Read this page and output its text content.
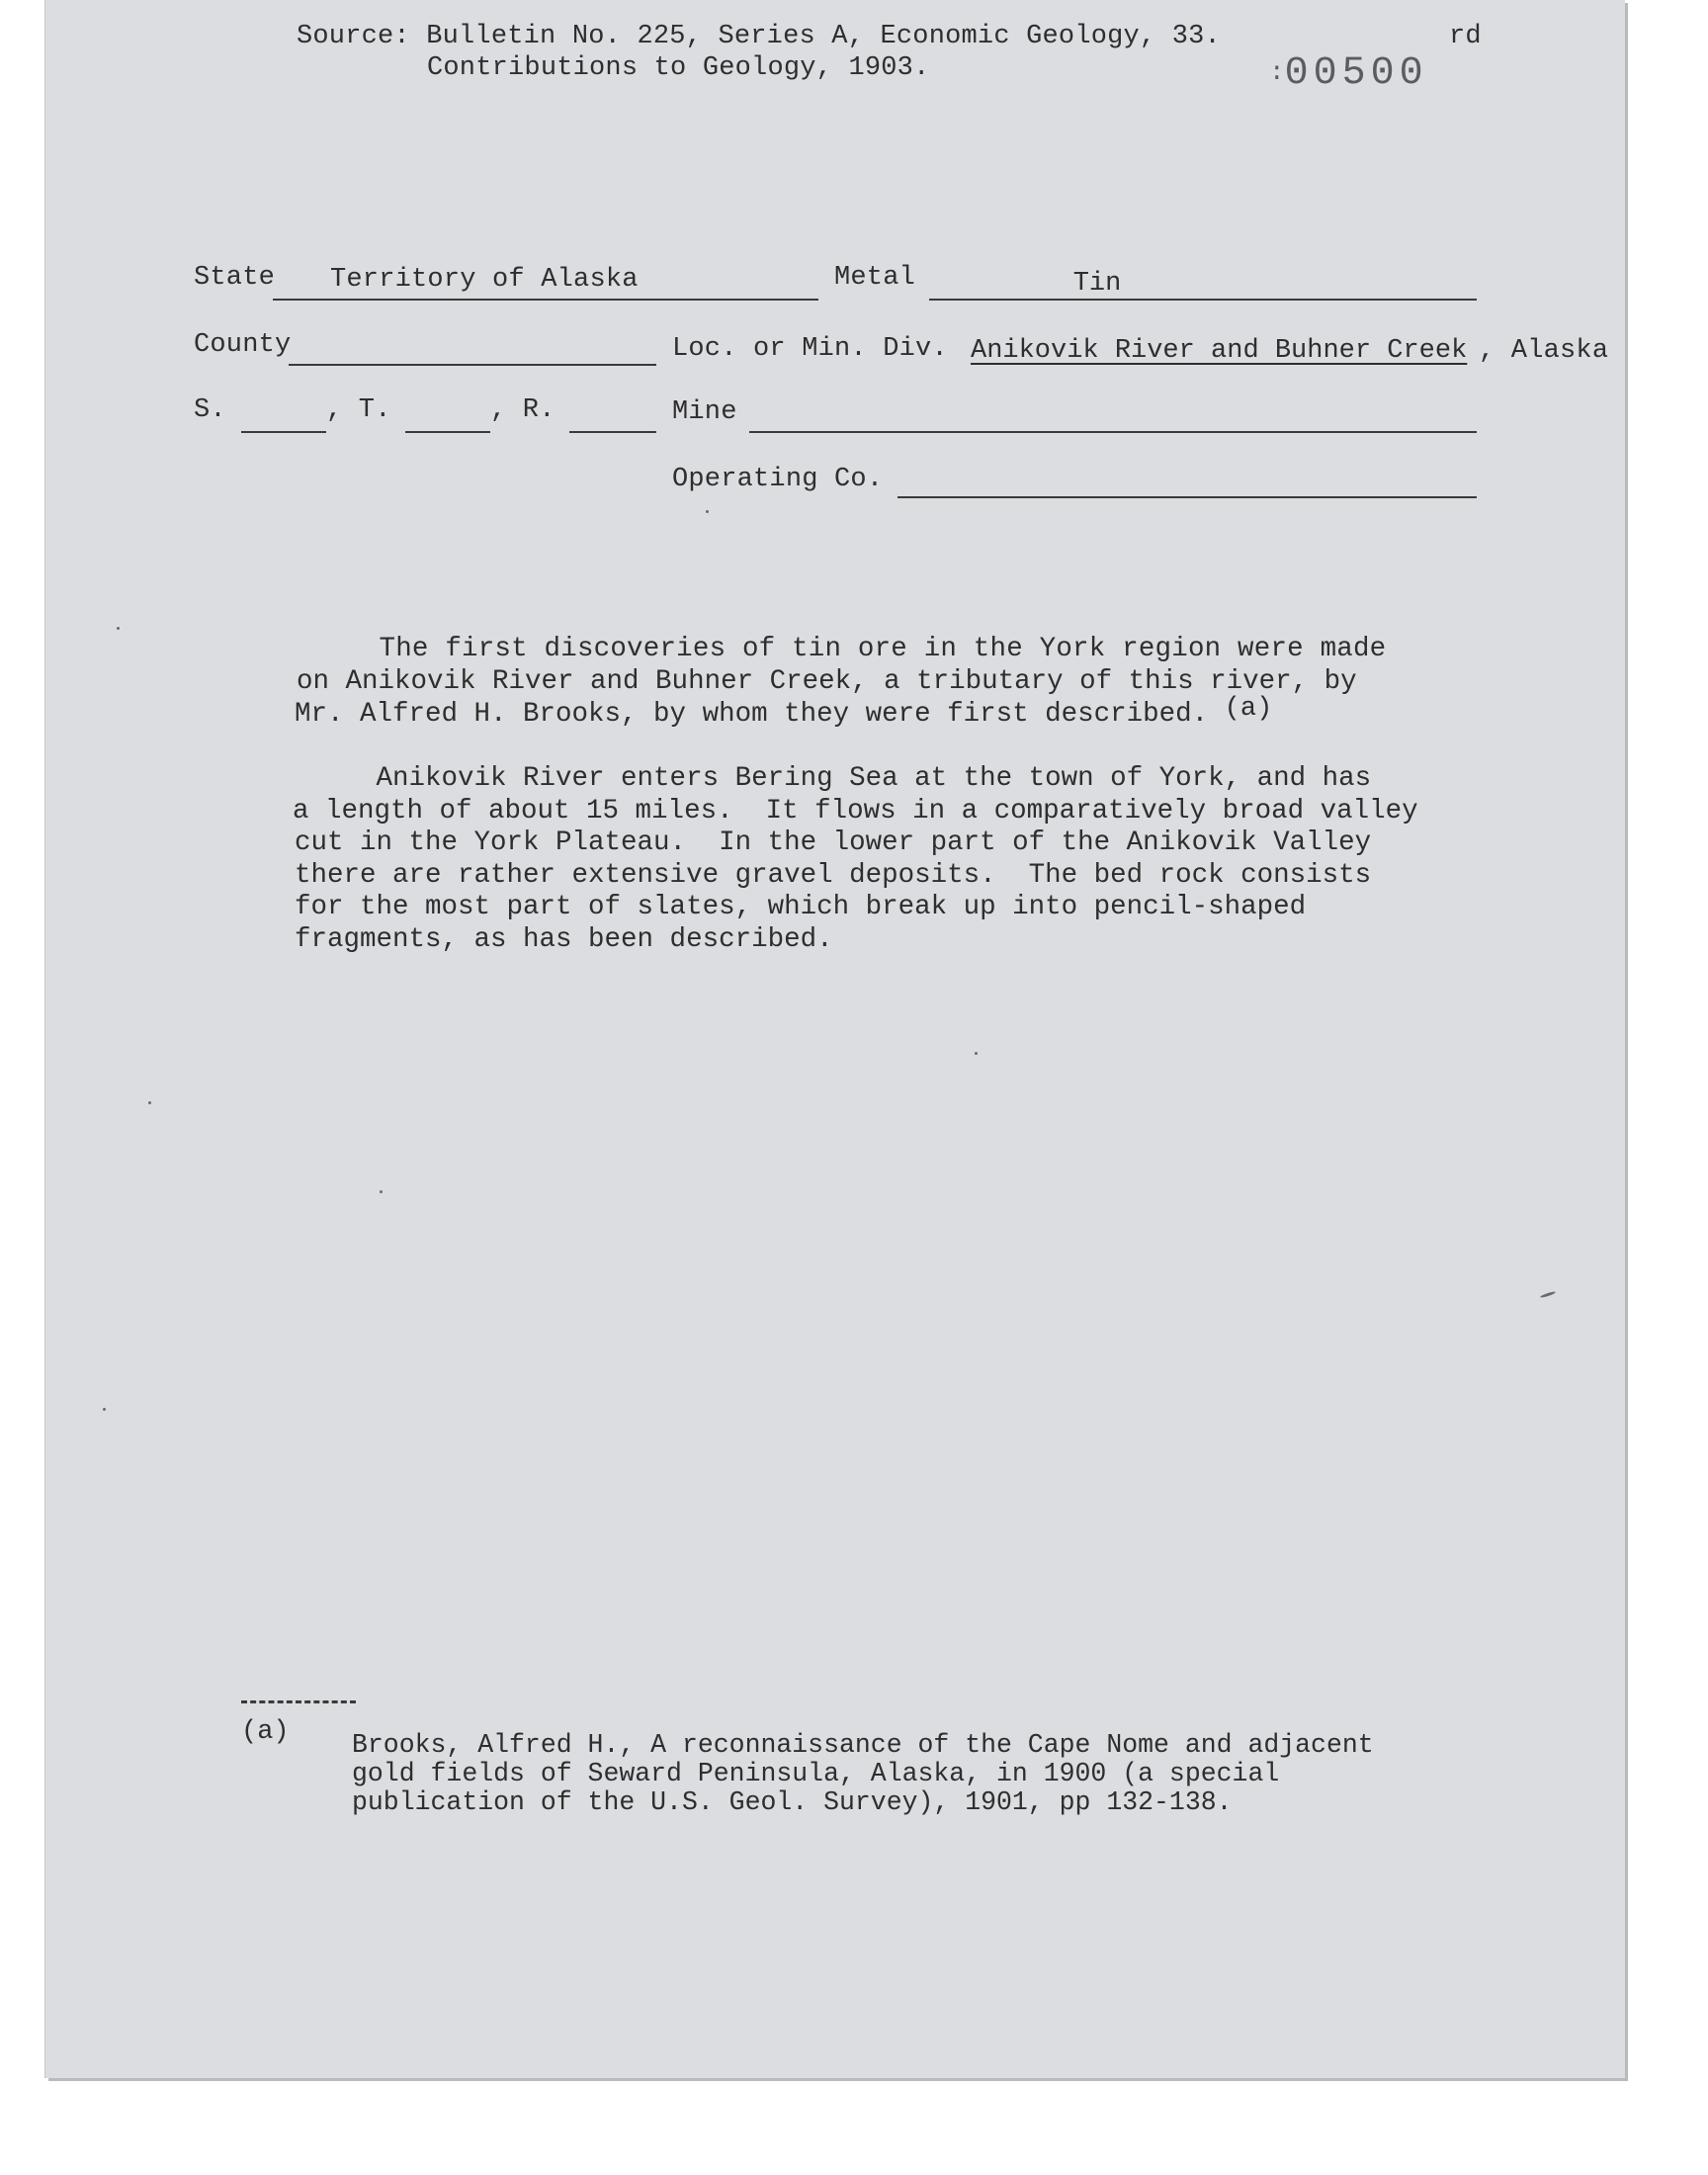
Source: Bulletin No. 225, Series A, Economic Geology, 33.
Contributions to Geology, 1903.
rd
:00500
State Territory of Alaska	Metal	Tin
County	Loc. or Min. Div. Anikovik River and Buhner Creek , Alaska
S.	, T.	, R.	Mine
Operating Co.
The first discoveries of tin ore in the York region were made
on Anikovik River and Buhner Creek, a tributary of this river, by
Mr. Alfred H. Brooks, by whom they were first described. (a)
Anikovik River enters Bering Sea at the town of York, and has
a length of about 15 miles.  It flows in a comparatively broad valley
cut in the York Plateau.  In the lower part of the Anikovik Valley
there are rather extensive gravel deposits.  The bed rock consists
for the most part of slates, which break up into pencil-shaped
fragments, as has been described.
(a) Brooks, Alfred H., A reconnaissance of the Cape Nome and adjacent
gold fields of Seward Peninsula, Alaska, in 1900 (a special
publication of the U.S. Geol. Survey), 1901, pp 132-138.
